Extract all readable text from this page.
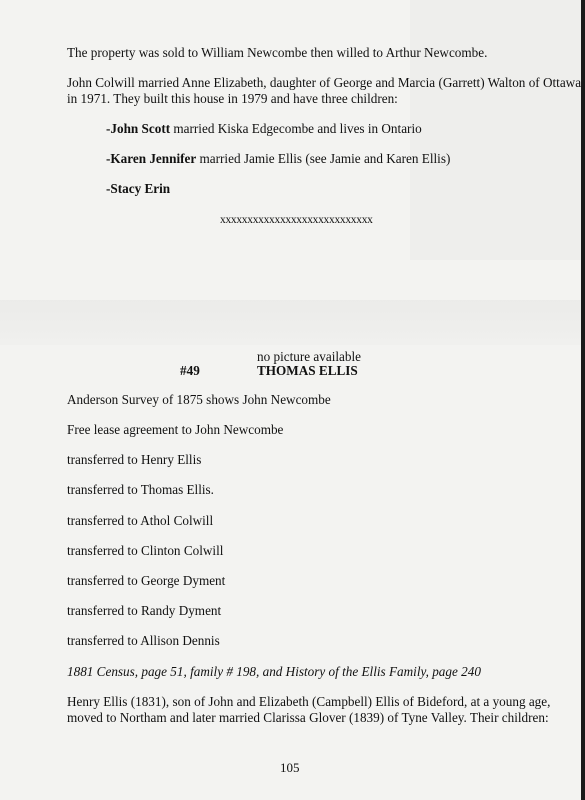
The property was sold to William Newcombe then willed to Arthur Newcombe.
John Colwill married Anne Elizabeth, daughter of George and Marcia (Garrett) Walton of Ottawa
in 1971. They built this house in 1979 and have three children:
-John Scott married Kiska Edgecombe and lives in Ontario
-Karen Jennifer married Jamie Ellis (see Jamie and Karen Ellis)
-Stacy Erin
xxxxxxxxxxxxxxxxxxxxxxxxxxxx
no picture available
#49	THOMAS ELLIS
Anderson Survey of 1875 shows John Newcombe
Free lease agreement to John Newcombe
transferred to Henry Ellis
transferred to Thomas Ellis.
transferred to Athol Colwill
transferred to Clinton Colwill
transferred to George Dyment
transferred to Randy Dyment
transferred to Allison Dennis
1881 Census, page 51, family # 198, and History of the Ellis Family, page 240
Henry Ellis (1831), son of John and Elizabeth (Campbell) Ellis of Bideford, at a young age,
moved to Northam and later married Clarissa Glover (1839) of Tyne Valley. Their children:
105
